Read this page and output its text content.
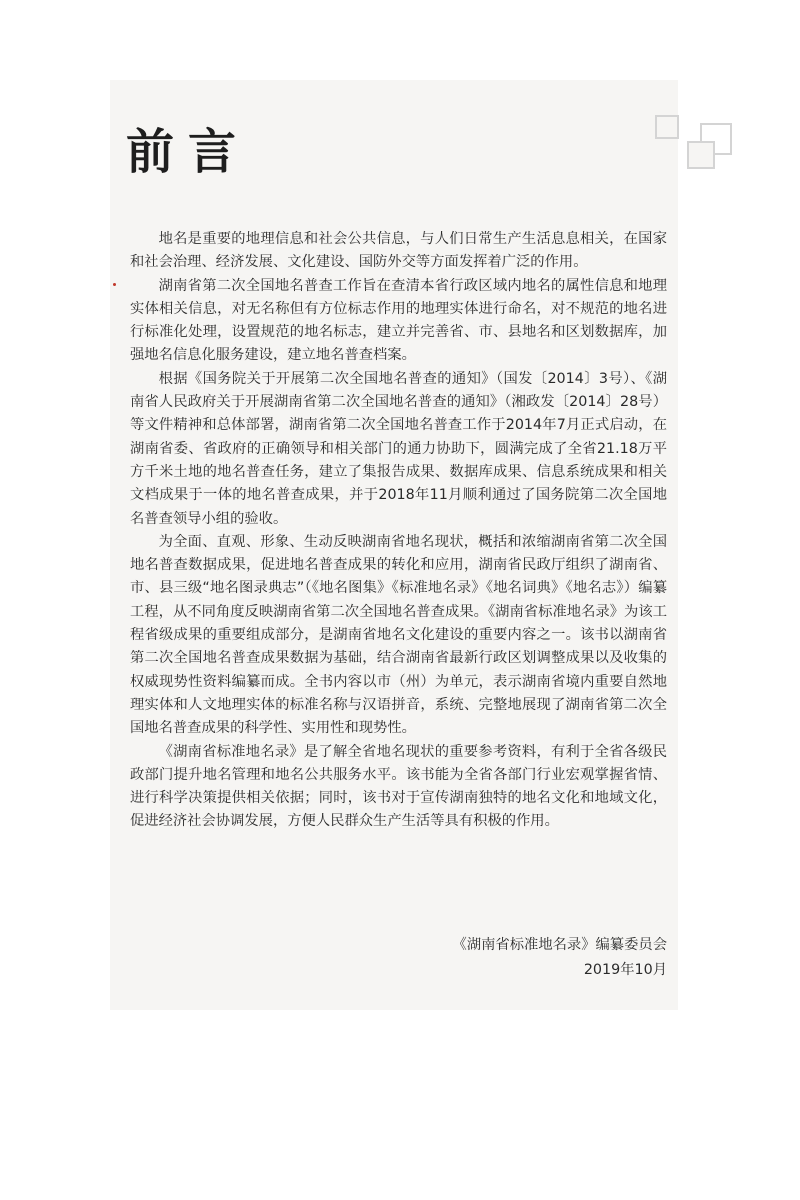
前言

地名是重要的地理信息和社会公共信息，与人们日常生产生活息息相关，在国家和社会治理、经济发展、文化建设、国防外交等方面发挥着广泛的作用。

湖南省第二次全国地名普查工作旨在查清本省行政区域内地名的属性信息和地理实体相关信息，对无名称但有方位标志作用的地理实体进行命名，对不规范的地名进行标准化处理，设置规范的地名标志，建立并完善省、市、县地名和区划数据库，加强地名信息化服务建设，建立地名普查档案。

根据《国务院关于开展第二次全国地名普查的通知》（国发〔2014〕3号）、《湖南省人民政府关于开展湖南省第二次全国地名普查的通知》（湘政发〔2014〕28号）等文件精神和总体部署，湖南省第二次全国地名普查工作于2014年7月正式启动，在湖南省委、省政府的正确领导和相关部门的通力协助下，圆满完成了全省21.18万平方千米土地的地名普查任务，建立了集报告成果、数据库成果、信息系统成果和相关文档成果于一体的地名普查成果，并于2018年11月顺利通过了国务院第二次全国地名普查领导小组的验收。

为全面、直观、形象、生动反映湖南省地名现状，概括和浓缩湖南省第二次全国地名普查数据成果，促进地名普查成果的转化和应用，湖南省民政厅组织了湖南省、市、县三级“地名图录典志”（《地名图集》《标准地名录》《地名词典》《地名志》）编纂工程，从不同角度反映湖南省第二次全国地名普查成果。《湖南省标准地名录》为该工程省级成果的重要组成部分，是湖南省地名文化建设的重要内容之一。该书以湖南省第二次全国地名普查成果数据为基础，结合湖南省最新行政区划调整成果以及收集的权威现势性资料编纂而成。全书内容以市（州）为单元，表示湖南省境内重要自然地理实体和人文地理实体的标准名称与汉语拼音，系统、完整地展现了湖南省第二次全国地名普查成果的科学性、实用性和现势性。

《湖南省标准地名录》是了解全省地名现状的重要参考资料，有利于全省各级民政部门提升地名管理和地名公共服务水平。该书能为全省各部门行业宏观掌握省情、进行科学决策提供相关依据；同时，该书对于宣传湖南独特的地名文化和地域文化，促进经济社会协调发展，方便人民群众生产生活等具有积极的作用。

《湖南省标准地名录》编纂委员会
2019年10月
